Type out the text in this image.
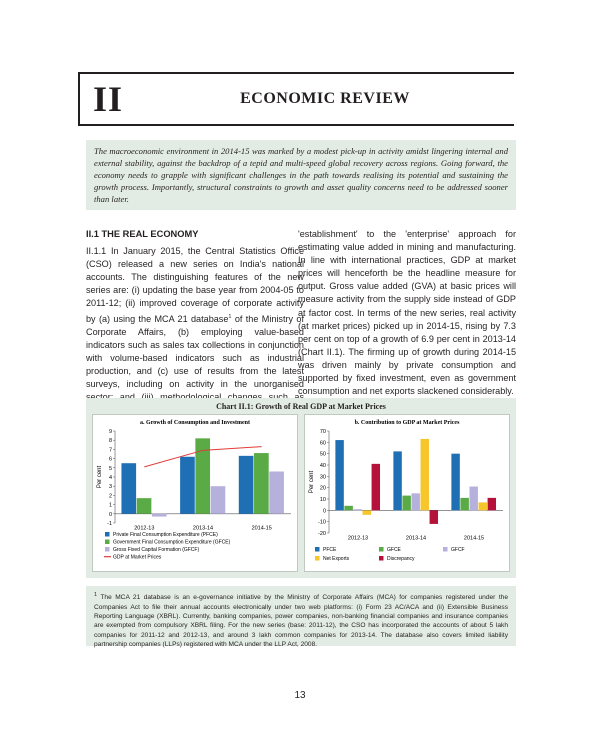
II	ECONOMIC REVIEW
The macroeconomic environment in 2014-15 was marked by a modest pick-up in activity amidst lingering internal and external stability, against the backdrop of a tepid and multi-speed global recovery across regions. Going forward, the economy needs to grapple with significant challenges in the path towards realising its potential and sustaining the growth process. Importantly, structural constraints to growth and asset quality concerns need to be addressed sooner than later.
II.1 THE REAL ECONOMY

II.1.1 In January 2015, the Central Statistics Office (CSO) released a new series on India's national accounts. The distinguishing features of the new series are: (i) updating the base year from 2004-05 to 2011-12; (ii) improved coverage of corporate activity by (a) using the MCA 21 database$^1$ of the Ministry of Corporate Affairs, (b) employing value-based indicators such as sales tax collections in conjunction with volume-based indicators such as industrial production, and (c) use of results from the latest surveys, including on activity in the unorganised

'establishment' to the 'enterprise' approach for estimating value added in mining and manufacturing. In line with international practices, GDP at market prices will henceforth be the headline measure for output. Gross value added (GVA) at basic prices will measure activity from the supply side instead of GDP at factor cost. In terms of the new series, real activity (at market prices) picked up in 2014-15, rising by 7.3 per cent on top of a growth of 6.9 per cent in 2013-14 (Chart II.1). The firming up of growth during 2014-15 was driven mainly by private consumption and supported by fixed investment, even as government consumption and net exports slackened considerably.

Chart II.1: Growth of Real GDP at Market Prices
a. Growth of Consumption and Investment
-1
0
1
2
3
4
5
6
7
8
9
Per cent
2012-13	2013-14	2014-15
Private Final Consumption Expenditure (PFCE)
Government Final Consumption Expenditure (GFCE)
Gross Fixed Capital Formation (GFCF)
GDP at Market Prices
b. Contribution to GDP at Market Prices
-20
-10
0
10
20
30
40
50
60
70
Per cent
2012-13	2013-14	2014-15
PFCE	GFCE	GFCF
Net Exports	Discrepancy
$^1$ The MCA 21 database is an e-governance initiative by the Ministry of Corporate Affairs (MCA) for companies registered under the Companies Act to file their annual accounts electronically under two web platforms: (i) Form 23 AC/ACA and (ii) Extensible Business Reporting Language (XBRL). Currently, banking companies, power companies, non-banking financial companies and insurance companies are exempted from compulsory XBRL filing. For the new series (base: 2011-12), the CSO has incorporated the accounts of about 5 lakh companies for 2011-12 and 2012-13, and around 3 lakh common companies for 2013-14. The database also covers limited liability partnership companies (LLPs) registered with MCA under the LLP Act, 2008.
13
